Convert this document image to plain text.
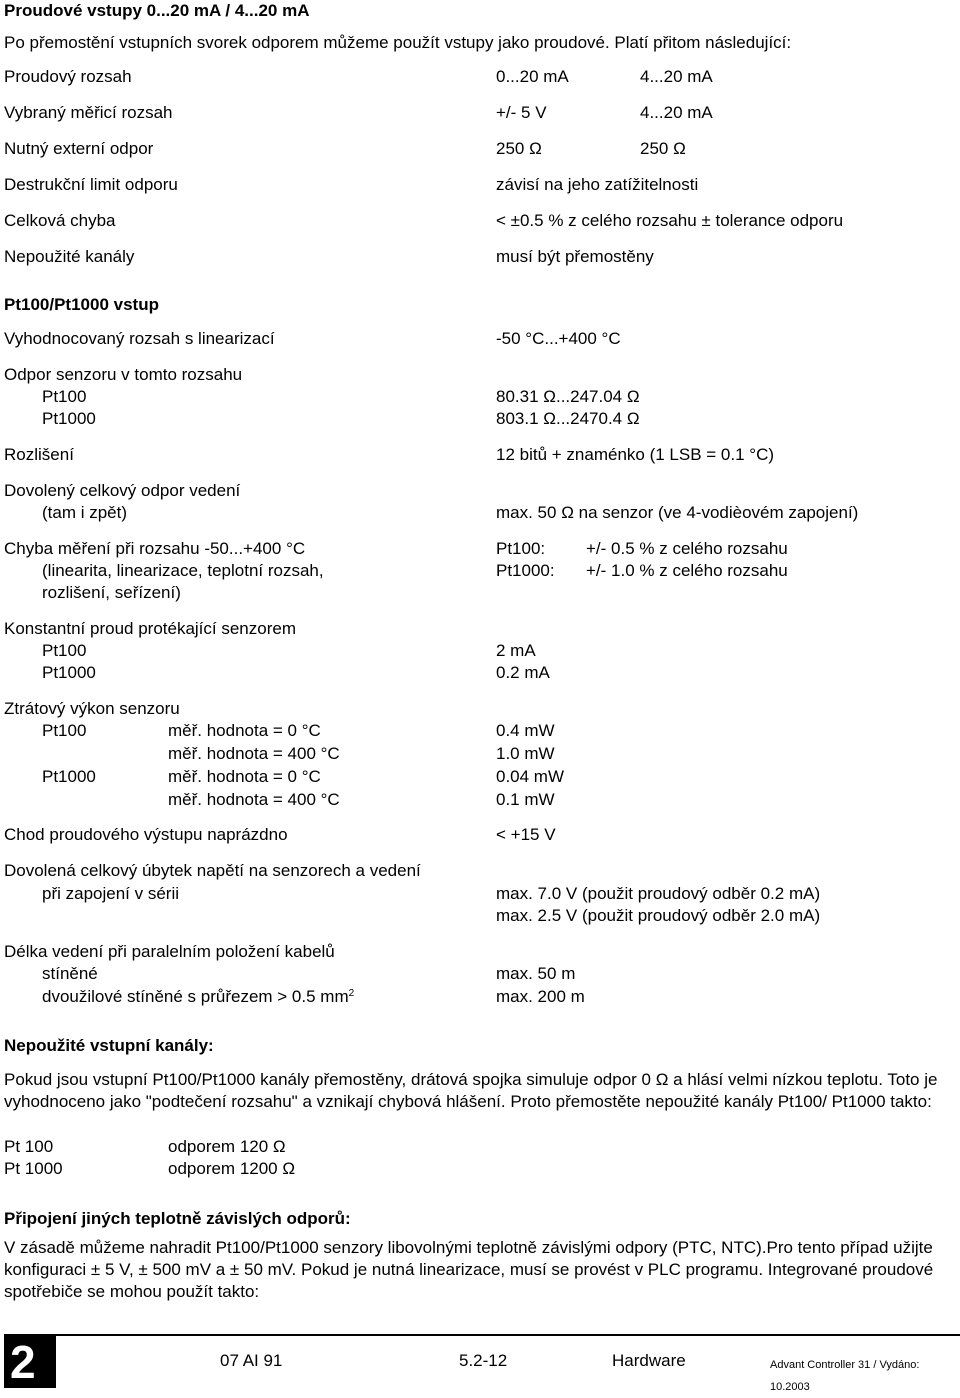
Proudové vstupy 0...20 mA / 4...20 mA
Po přemostění vstupních svorek odporem můžeme použít vstupy jako proudové. Platí přitom následující:
Proudový rozsah	0...20 mA	4...20 mA
Vybraný měřicí rozsah	+/- 5 V	4...20 mA
Nutný externí odpor	250 Ω	250 Ω
Destrukční limit odporu	závisí na jeho zatížitelnosti
Celková chyba	< ±0.5 % z celého rozsahu ± tolerance odporu
Nepoužité kanály	musí být přemostěny
Pt100/Pt1000 vstup
Vyhodnocovaný rozsah s linearizací	-50 °C...+400 °C
Odpor senzoru v tomto rozsahu
Pt100	80.31 Ω...247.04 Ω
Pt1000	803.1 Ω...2470.4 Ω
Rozlišení	12 bitů + znaménko (1 LSB = 0.1 °C)
Dovolený celkový odpor vedení
(tam i zpět)	max. 50 Ω na senzor (ve 4-vodièovém zapojení)
Chyba měření při rozsahu -50...+400 °C	Pt100: +/- 0.5 % z celého rozsahu
(linearita, linearizace, teplotní rozsah,	Pt1000: +/- 1.0 % z celého rozsahu
rozlišení, seřízení)
Konstantní proud protékající senzorem
Pt100	2 mA
Pt1000	0.2 mA
Ztrátový výkon senzoru
Pt100	měř. hodnota = 0 °C	0.4 mW
měř. hodnota = 400 °C	1.0 mW
Pt1000	měř. hodnota = 0 °C	0.04 mW
měř. hodnota = 400 °C	0.1 mW
Chod proudového výstupu naprázdno	< +15 V
Dovolená celkový úbytek napětí na senzorech a vedení
při zapojení v sérii	max. 7.0 V (použit proudový odběr 0.2 mA)
max. 2.5 V (použit proudový odběr 2.0 mA)
Délka vedení při paralelním položení kabelů
stíněné	max. 50 m
dvoužilové stíněné s průřezem > 0.5 $mm^2$	max. 200 m
Nepoužité vstupní kanály:
Pokud jsou vstupní Pt100/Pt1000 kanály přemostěny, drátová spojka simuluje odpor 0 Ω a hlásí velmi nízkou teplotu. Toto je vyhodnoceno jako "podtečení rozsahu" a vznikají chybová hlášení. Proto přemostěte nepoužité kanály Pt100/ Pt1000 takto:
Pt 100	odporem 120 Ω
Pt 1000	odporem 1200 Ω
Připojení jiných teplotně závislých odporů:
V zásadě můžeme nahradit Pt100/Pt1000 senzory libovolnými teplotně závislými odpory (PTC, NTC).Pro tento případ užijte konfiguraci ± 5 V, ± 500 mV a ± 50 mV. Pokud je nutná linearizace, musí se provést v PLC programu. Integrované proudové spotřebiče se mohou použít takto:
2	07 AI 91	5.2-12	Hardware	Advant Controller 31 / Vydáno: 10.2003
